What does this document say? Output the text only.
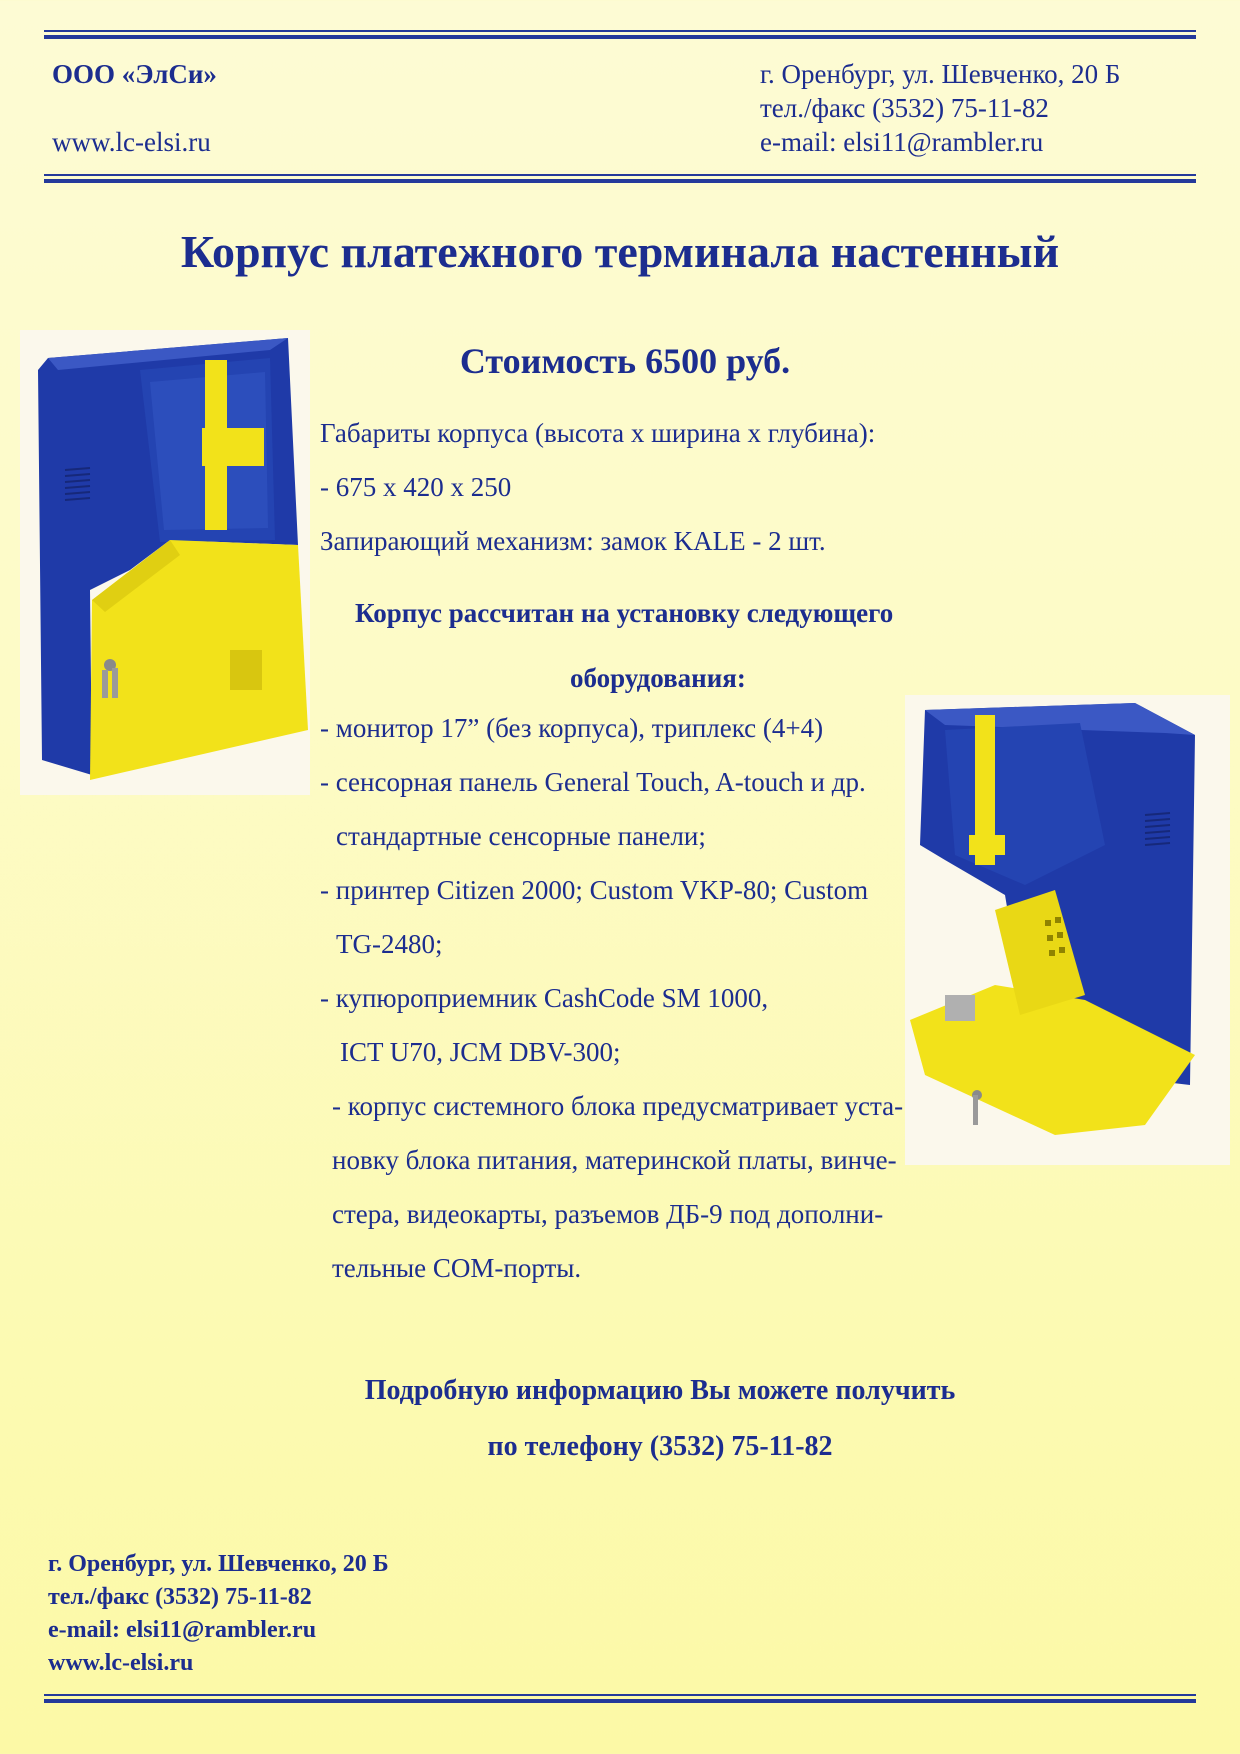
ООО «ЭлСи»
www.lc-elsi.ru
г. Оренбург, ул. Шевченко, 20 Б
тел./факс (3532) 75-11-82
e-mail: elsi11@rambler.ru
Корпус платежного терминала настенный
Стоимость 6500 руб.
Габариты корпуса (высота х ширина х глубина):
- 675 х 420 х 250
Запирающий механизм: замок KALE - 2 шт.
Корпус рассчитан на установку следующего
оборудования:
- монитор 17” (без корпуса), триплекс (4+4)
- сенсорная панель General Touch, A-touch и др.
стандартные сенсорные панели;
- принтер Citizen 2000; Custom VKP-80; Custom
TG-2480;
- купюроприемник CashCode SM 1000,
ICT U70, JCM DBV-300;
- корпус системного блока предусматривает уста-
новку блока питания, материнской платы, винче-
стера, видеокарты, разъемов ДБ-9 под дополни-
тельные СОМ-порты.
Подробную информацию Вы можете получить
по телефону (3532) 75-11-82
г. Оренбург, ул. Шевченко, 20 Б
тел./факс (3532) 75-11-82
e-mail: elsi11@rambler.ru
www.lc-elsi.ru
